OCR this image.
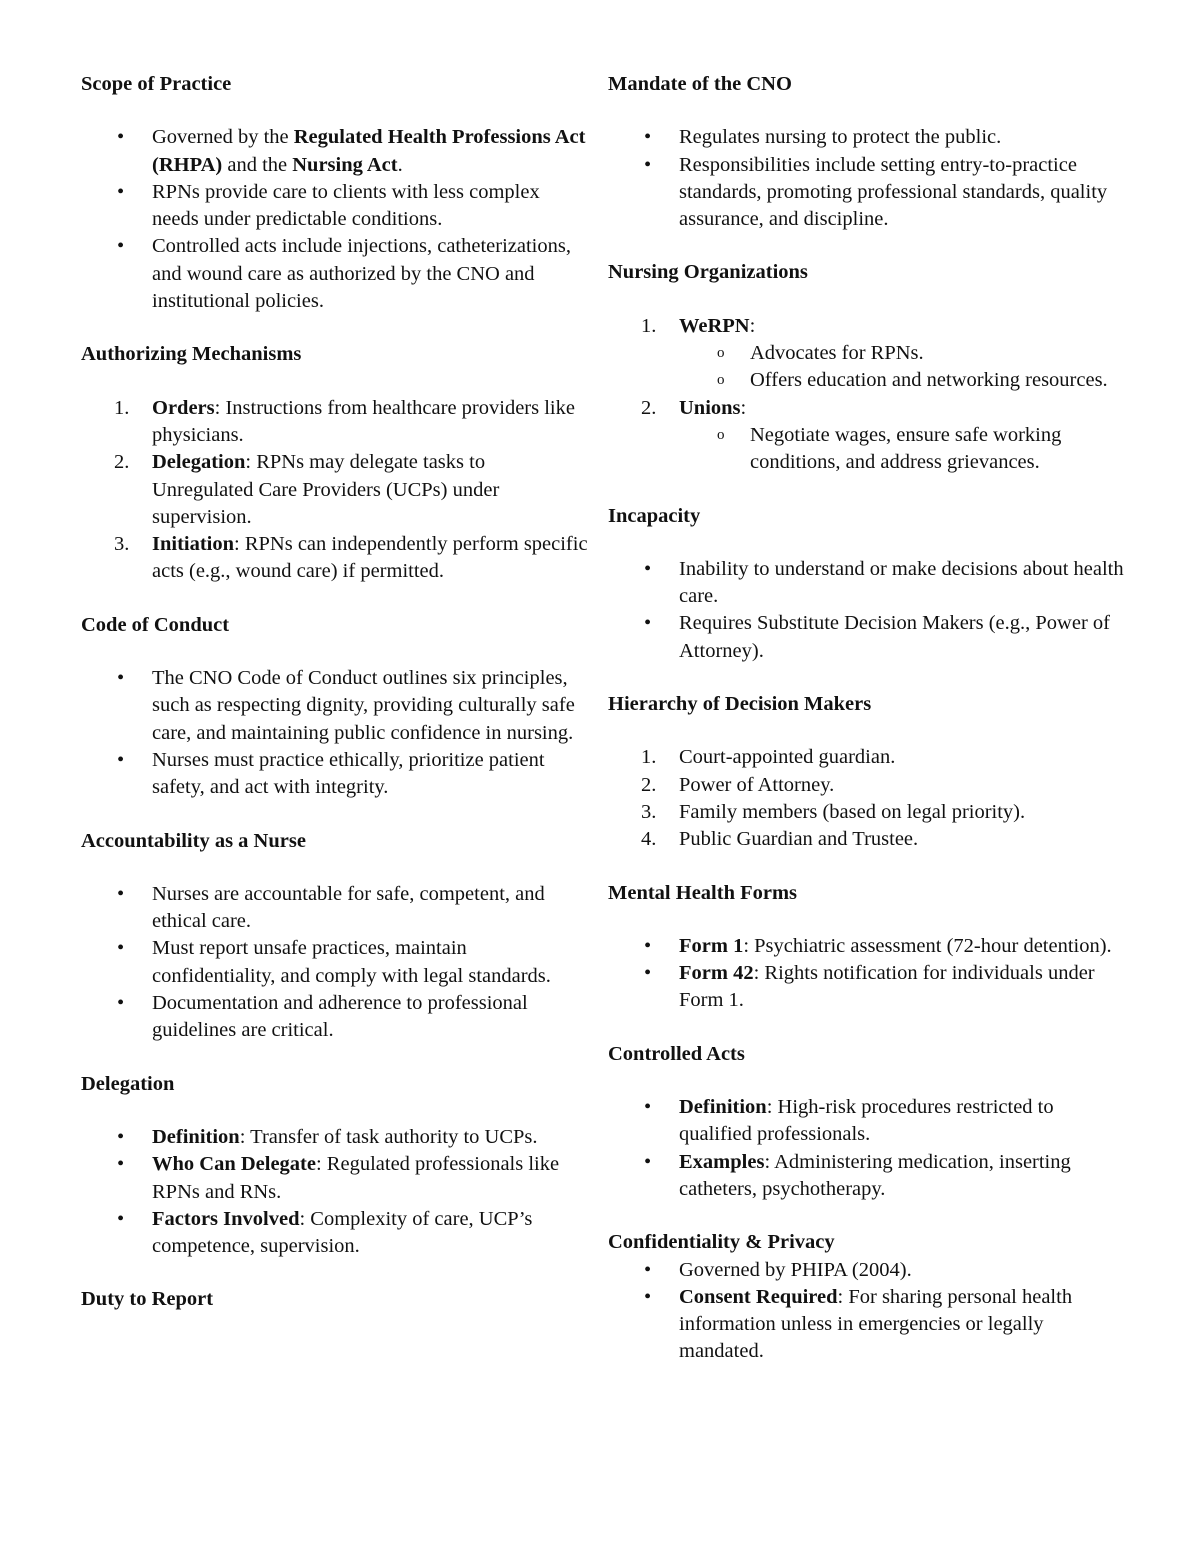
Scope of Practice

•	Governed by the Regulated Health Professions Act (RHPA) and the Nursing Act.
•	RPNs provide care to clients with less complex needs under predictable conditions.
•	Controlled acts include injections, catheterizations, and wound care as authorized by the CNO and institutional policies.

Authorizing Mechanisms

1.	Orders: Instructions from healthcare providers like physicians.
2.	Delegation: RPNs may delegate tasks to Unregulated Care Providers (UCPs) under supervision.
3.	Initiation: RPNs can independently perform specific acts (e.g., wound care) if permitted.

Code of Conduct

•	The CNO Code of Conduct outlines six principles, such as respecting dignity, providing culturally safe care, and maintaining public confidence in nursing.
•	Nurses must practice ethically, prioritize patient safety, and act with integrity.

Accountability as a Nurse

•	Nurses are accountable for safe, competent, and ethical care.
•	Must report unsafe practices, maintain confidentiality, and comply with legal standards.
•	Documentation and adherence to professional guidelines are critical.

Delegation

•	Definition: Transfer of task authority to UCPs.
•	Who Can Delegate: Regulated professionals like RPNs and RNs.
•	Factors Involved: Complexity of care, UCP’s competence, supervision.

Duty to Report

Mandate of the CNO

•	Regulates nursing to protect the public.
•	Responsibilities include setting entry-to-practice standards, promoting professional standards, quality assurance, and discipline.

Nursing Organizations

1.	WeRPN:
o	Advocates for RPNs.
o	Offers education and networking resources.
2.	Unions:
o	Negotiate wages, ensure safe working conditions, and address grievances.

Incapacity

•	Inability to understand or make decisions about health care.
•	Requires Substitute Decision Makers (e.g., Power of Attorney).

Hierarchy of Decision Makers

1.	Court-appointed guardian.
2.	Power of Attorney.
3.	Family members (based on legal priority).
4.	Public Guardian and Trustee.

Mental Health Forms

•	Form 1: Psychiatric assessment (72-hour detention).
•	Form 42: Rights notification for individuals under Form 1.

Controlled Acts

•	Definition: High-risk procedures restricted to qualified professionals.
•	Examples: Administering medication, inserting catheters, psychotherapy.

Confidentiality & Privacy

•	Governed by PHIPA (2004).
•	Consent Required: For sharing personal health information unless in emergencies or legally mandated.
